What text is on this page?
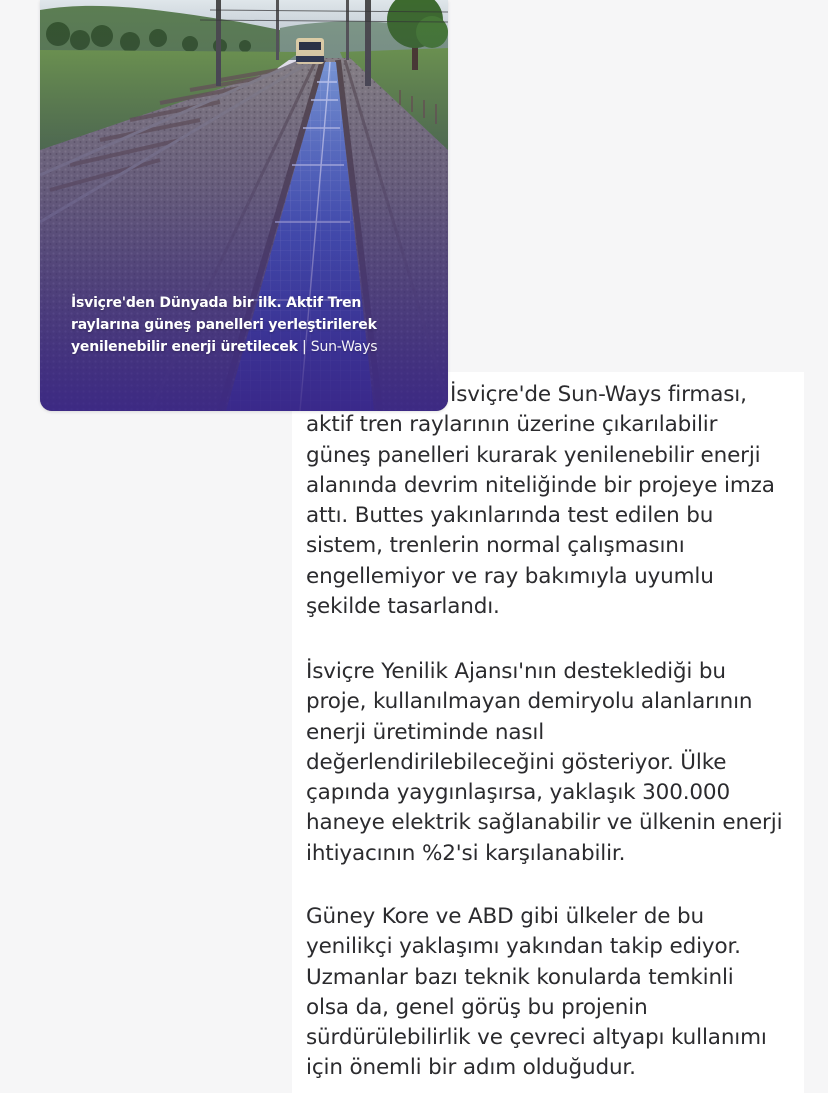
İsviçre'den Dünyada bir ilk. Aktif Tren
raylarına güneş panelleri yerleştirilerek
yenilenebilir enerji üretilecek | Sun-Ways
İsviçre'de Sun-Ways firması,
aktif tren raylarının üzerine çıkarılabilir
güneş panelleri kurarak yenilenebilir enerji
alanında devrim niteliğinde bir projeye imza
attı. Buttes yakınlarında test edilen bu
sistem, trenlerin normal çalışmasını
engellemiyor ve ray bakımıyla uyumlu
şekilde tasarlandı.
İsviçre Yenilik Ajansı'nın desteklediği bu
proje, kullanılmayan demiryolu alanlarının
enerji üretiminde nasıl
değerlendirilebileceğini gösteriyor. Ülke
çapında yaygınlaşırsa, yaklaşık 300.000
haneye elektrik sağlanabilir ve ülkenin enerji
ihtiyacının %2'si karşılanabilir.
Güney Kore ve ABD gibi ülkeler de bu
yenilikçi yaklaşımı yakından takip ediyor.
Uzmanlar bazı teknik konularda temkinli
olsa da, genel görüş bu projenin
sürdürülebilirlik ve çevreci altyapı kullanımı
için önemli bir adım olduğudur.
